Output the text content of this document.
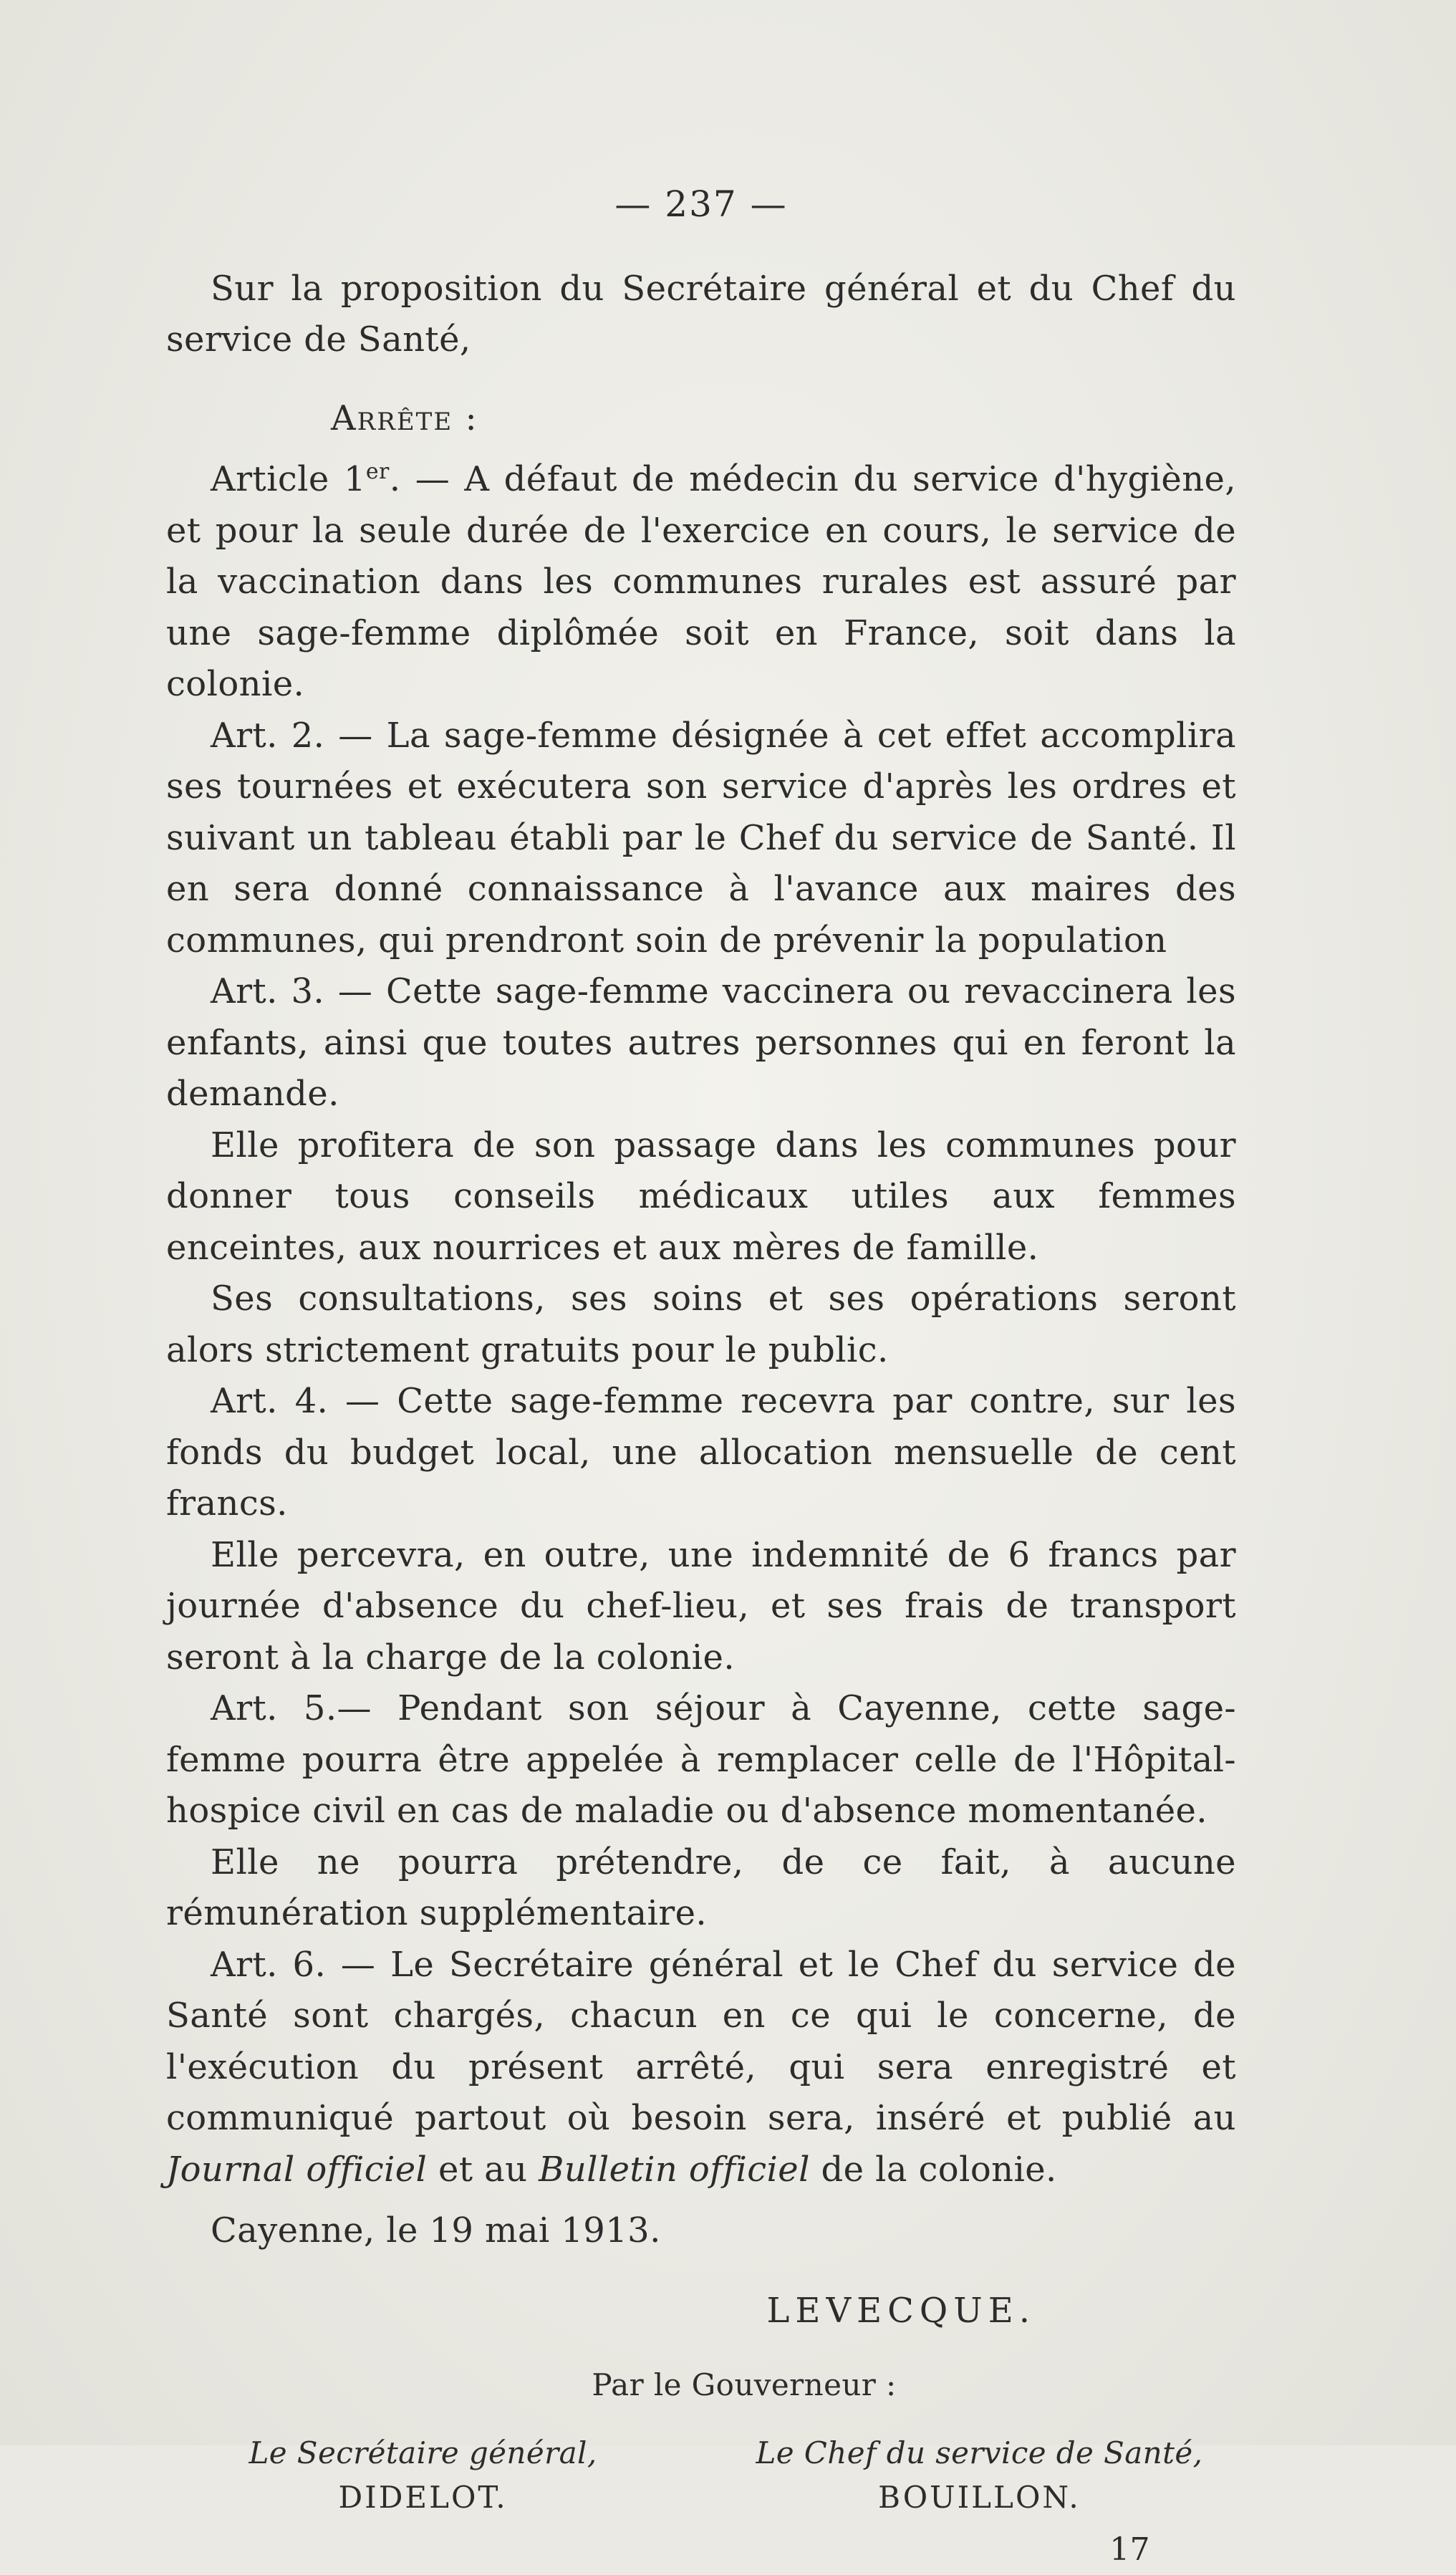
— 237 —

Sur la proposition du Secrétaire général et du Chef du service de Santé,

Arrête :

Article 1er. — A défaut de médecin du service d'hygiène, et pour la seule durée de l'exercice en cours, le service de la vaccination dans les communes rurales est assuré par une sage-femme diplômée soit en France, soit dans la colonie.

Art. 2. — La sage-femme désignée à cet effet accomplira ses tournées et exécutera son service d'après les ordres et suivant un tableau établi par le Chef du service de Santé. Il en sera donné connaissance à l'avance aux maires des communes, qui prendront soin de prévenir la population

Art. 3. — Cette sage-femme vaccinera ou revaccinera les enfants, ainsi que toutes autres personnes qui en feront la demande.

Elle profitera de son passage dans les communes pour donner tous conseils médicaux utiles aux femmes enceintes, aux nourrices et aux mères de famille.

Ses consultations, ses soins et ses opérations seront alors strictement gratuits pour le public.

Art. 4. — Cette sage-femme recevra par contre, sur les fonds du budget local, une allocation mensuelle de cent francs.

Elle percevra, en outre, une indemnité de 6 francs par journée d'absence du chef-lieu, et ses frais de transport seront à la charge de la colonie.

Art. 5.— Pendant son séjour à Cayenne, cette sage-femme pourra être appelée à remplacer celle de l'Hôpital-hospice civil en cas de maladie ou d'absence momentanée.

Elle ne pourra prétendre, de ce fait, à aucune rémunération supplémentaire.

Art. 6. — Le Secrétaire général et le Chef du service de Santé sont chargés, chacun en ce qui le concerne, de l'exécution du présent arrêté, qui sera enregistré et communiqué partout où besoin sera, inséré et publié au Journal officiel et au Bulletin officiel de la colonie.

Cayenne, le 19 mai 1913.

LEVECQUE.
Par le Gouverneur :
Le Secrétaire général,
DIDELOT.
Le Chef du service de Santé,
BOUILLON.
17
